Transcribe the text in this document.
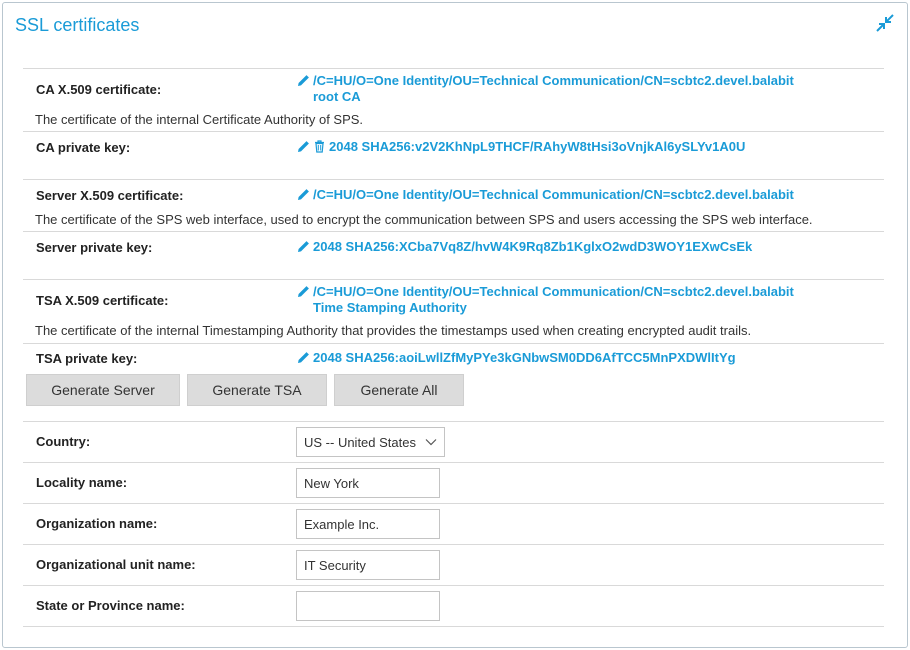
SSL certificates
CA X.509 certificate:
/C=HU/O=One Identity/OU=Technical Communication/CN=scbtc2.devel.balabit
root CA
The certificate of the internal Certificate Authority of SPS.
CA private key:	2048 SHA256:v2V2KhNpL9THCF/RAhyW8tHsi3oVnjkAl6ySLYv1A0U
Server X.509 certificate:	/C=HU/O=One Identity/OU=Technical Communication/CN=scbtc2.devel.balabit
The certificate of the SPS web interface, used to encrypt the communication between SPS and users accessing the SPS web interface.
Server private key:	2048 SHA256:XCba7Vq8Z/hvW4K9Rq8Zb1KglxO2wdD3WOY1EXwCsEk
TSA X.509 certificate:
/C=HU/O=One Identity/OU=Technical Communication/CN=scbtc2.devel.balabit
Time Stamping Authority
The certificate of the internal Timestamping Authority that provides the timestamps used when creating encrypted audit trails.
TSA private key:	2048 SHA256:aoiLwllZfMyPYe3kGNbwSM0DD6AfTCC5MnPXDWlItYg
Generate Server	Generate TSA	Generate All
Country:	US -- United States
Locality name:
New York
Organization name:
Example Inc.
Organizational unit name:
IT Security
State or Province name:
